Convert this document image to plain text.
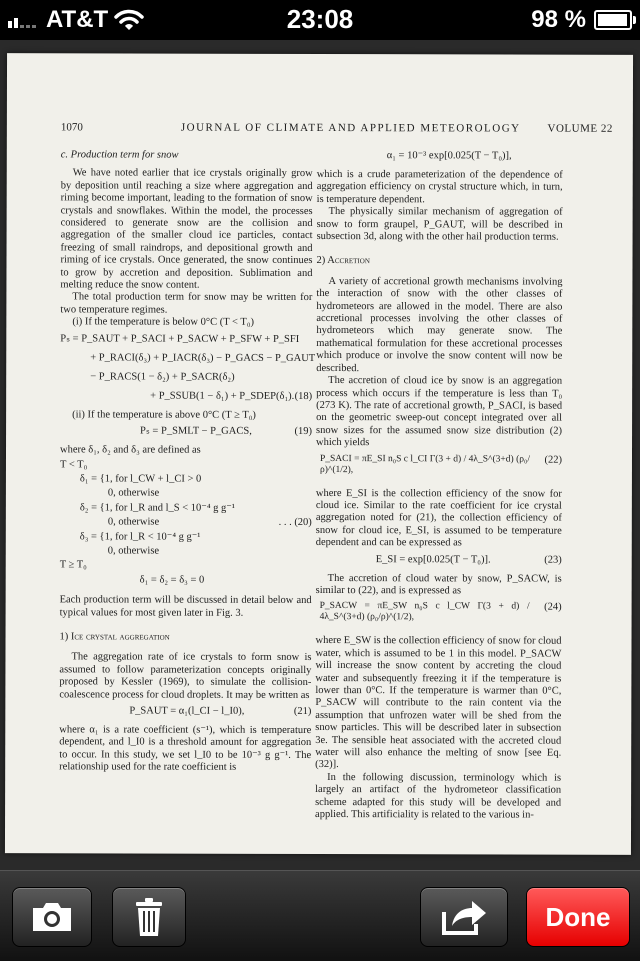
AT&T	23:08	98 %
1070	JOURNAL OF CLIMATE AND APPLIED METEOROLOGY VOLUME 22

c. Production term for snow

We have noted earlier that ice crystals originally grow by deposition until reaching a size where aggregation and riming become important, leading to the formation of snow crystals and snowflakes. Within the model, the processes considered to generate snow are the collision and aggregation of the smaller cloud ice particles, contact freezing of small raindrops, and depositional growth and riming of ice crystals. Once generated, the snow continues to grow by accretion and deposition. Sublimation and melting reduce the snow content.

The total production term for snow may be written for two temperature regimes.

(i) If the temperature is below 0°C (T < T₀)

Pₛ = P_SAUT + P_SACI + P_SACW + P_SFW + P_SFI
+ P_RACI(δ₃) + P_IACR(δ₃) − P_GACS − P_GAUT
− P_RACS(1 − δ₂) + P_SACR(δ₂)
+ P_SSUB(1 − δ₁) + P_SDEP(δ₁). (18)

(ii) If the temperature is above 0°C (T ≥ T₀)

Pₛ = P_SMLT − P_GACS,	(19)

where δ₁, δ₂ and δ₃ are defined as

T < T₀
δ₁ = {1, for l_CW + l_CI > 0
0, otherwise
δ₂ = {1, for l_R and l_S < 10⁻⁴ g g⁻¹
0, otherwise	. . . (20)
δ₃ = {1, for l_R < 10⁻⁴ g g⁻¹
0, otherwise
T ≥ T₀
δ₁ = δ₂ = δ₃ = 0

Each production term will be discussed in detail below and typical values for most given later in Fig. 3.

1) Ice crystal aggregation

The aggregation rate of ice crystals to form snow is assumed to follow parameterization concepts originally proposed by Kessler (1969), to simulate the collision-coalescence process for cloud droplets. It may be written as

P_SAUT = α₁(l_CI − l_I0),	(21)

where α₁ is a rate coefficient (s⁻¹), which is temperature dependent, and l_I0 is a threshold amount for aggregation to occur. In this study, we set l_I0 to be 10⁻³ g g⁻¹. The relationship used for the rate coefficient is

α₁ = 10⁻³ exp[0.025(T − T₀)],

which is a crude parameterization of the dependence of aggregation efficiency on crystal structure which, in turn, is temperature dependent.

The physically similar mechanism of aggregation of snow to form graupel, P_GAUT, will be described in subsection 3d, along with the other hail production terms.

2) Accretion

A variety of accretional growth mechanisms involving the interaction of snow with the other classes of hydrometeors are allowed in the model. There are also accretional processes involving the other classes of hydrometeors which may generate snow. The mathematical formulation for these accretional processes which produce or involve the snow content will now be described.

The accretion of cloud ice by snow is an aggregation process which occurs if the temperature is less than T₀ (273 K). The rate of accretional growth, P_SACI, is based on the geometric sweep-out concept integrated over all snow sizes for the assumed snow size distribution (2) which yields

P_SACI = πE_SI n₀S c l_CI Γ(3 + d) / 4λ_S^(3+d) (ρ₀/ρ)^(1/2),
(22)

where E_SI is the collection efficiency of the snow for cloud ice. Similar to the rate coefficient for ice crystal aggregation noted for (21), the collection efficiency of snow for cloud ice, E_SI, is assumed to be temperature dependent and can be expressed as

E_SI = exp[0.025(T − T₀)].	(23)

The accretion of cloud water by snow, P_SACW, is similar to (22), and is expressed as

P_SACW = πE_SW n₀S c l_CW Γ(3 + d) / 4λ_S^(3+d) (ρ₀/ρ)^(1/2),
(24)

where E_SW is the collection efficiency of snow for cloud water, which is assumed to be 1 in this model. P_SACW will increase the snow content by accreting the cloud water and subsequently freezing it if the temperature is lower than 0°C. If the temperature is warmer than 0°C, P_SACW will contribute to the rain content via the assumption that unfrozen water will be shed from the snow particles. This will be described later in subsection 3e. The sensible heat associated with the accreted cloud water will also enhance the melting of snow [see Eq. (32)].

In the following discussion, terminology which is largely an artifact of the hydrometeor classification scheme adapted for this study will be developed and applied. This artificiality is related to the various in-

Done
